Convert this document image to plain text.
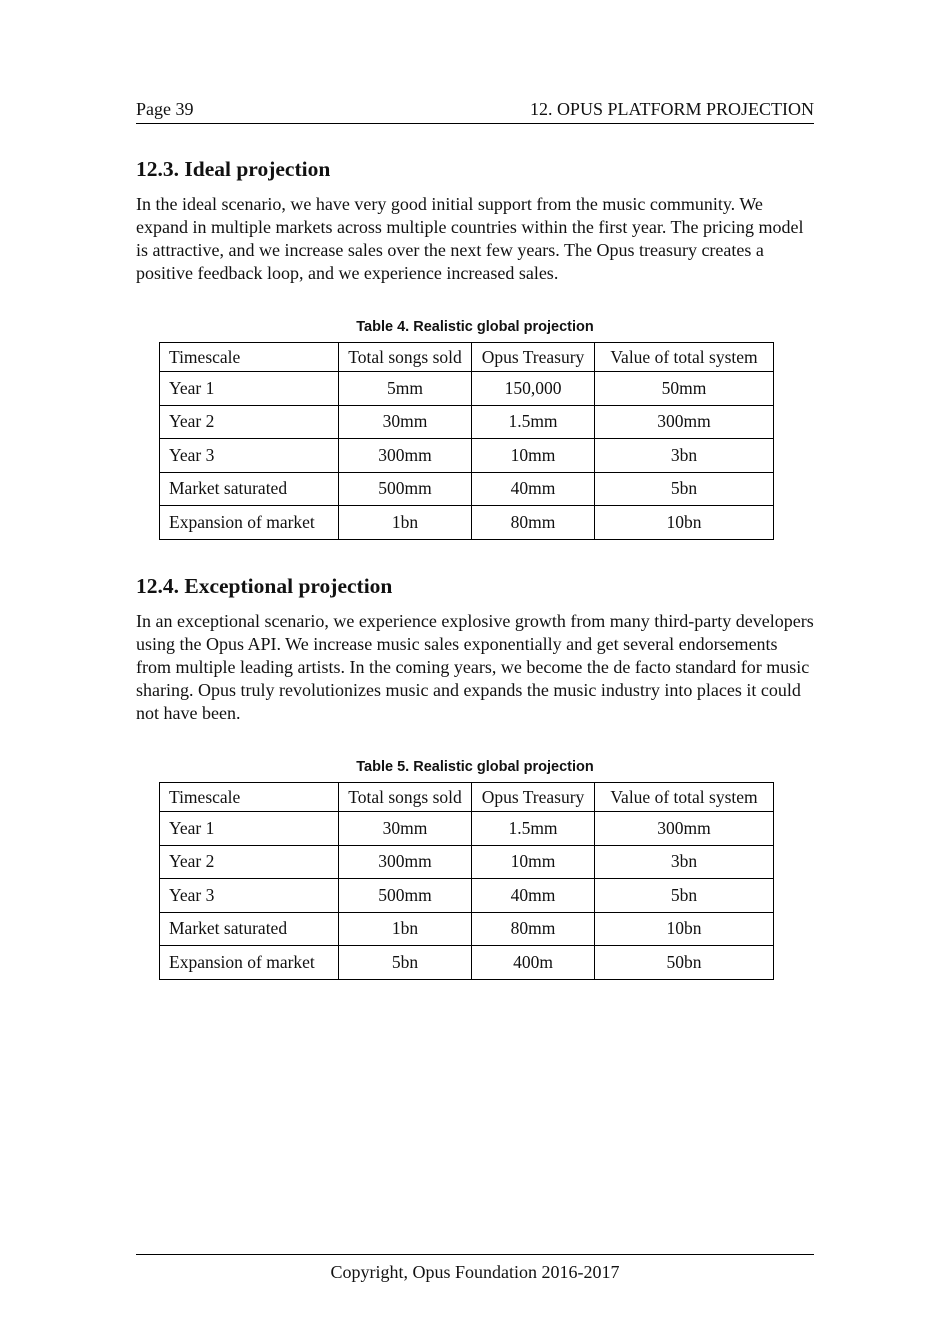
Page 39	12. OPUS PLATFORM PROJECTION
12.3. Ideal projection

In the ideal scenario, we have very good initial support from the music community. We expand in multiple markets across multiple countries within the first year. The pricing model is attractive, and we increase sales over the next few years. The Opus treasury creates a positive feedback loop, and we experience increased sales.

Table 4. Realistic global projection
Timescale	Total songs sold	Opus Treasury	Value of total system
Year 1	5mm	150,000	50mm
Year 2	30mm	1.5mm	300mm
Year 3	300mm	10mm	3bn
Market saturated	500mm	40mm	5bn
Expansion of market	1bn	80mm	10bn
12.4. Exceptional projection

In an exceptional scenario, we experience explosive growth from many third-party developers using the Opus API. We increase music sales exponentially and get several endorsements from multiple leading artists. In the coming years, we become the de facto standard for music sharing. Opus truly revolutionizes music and expands the music industry into places it could not have been.

Table 5. Realistic global projection
Timescale	Total songs sold	Opus Treasury	Value of total system
Year 1	30mm	1.5mm	300mm
Year 2	300mm	10mm	3bn
Year 3	500mm	40mm	5bn
Market saturated	1bn	80mm	10bn
Expansion of market	5bn	400m	50bn
Copyright, Opus Foundation 2016-2017
